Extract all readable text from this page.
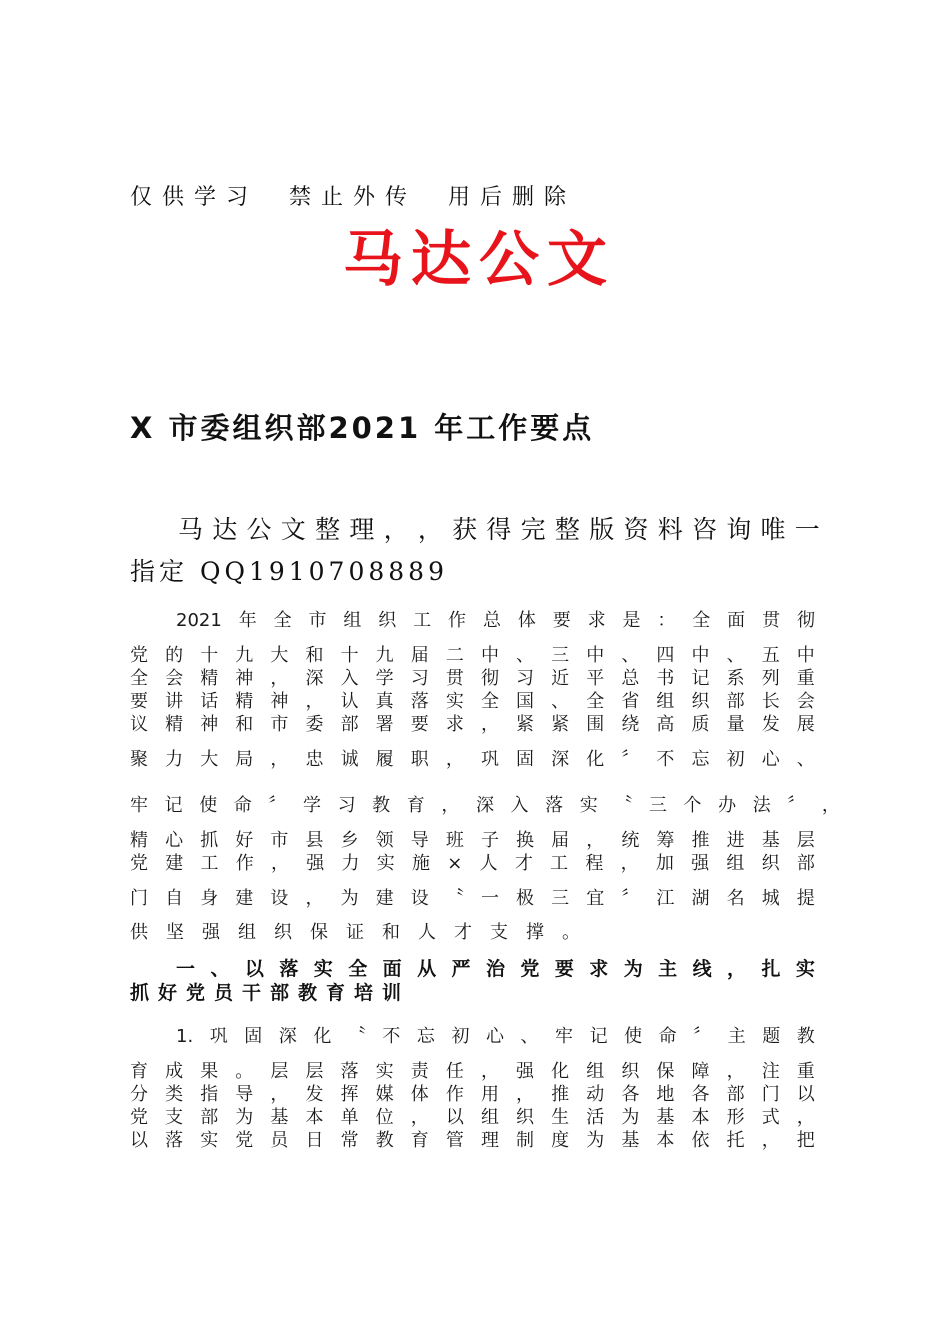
仅供学习 禁止外传 用后删除
马达公文
X 市委组织部2021 年工作要点
马 达 公 文 整 理 ， ， 获 得 完 整 版 资 料 咨 询 唯 一
指定 QQ1910708889
2021 年 全 市 组 织 工 作 总 体 要 求 是 ： 全 面 贯 彻
党 的 十 九 大 和 十 九 届 二 中 、 三 中 、 四 中 、 五 中
全 会 精 神 ， 深 入 学 习 贯 彻 习 近 平 总 书 记 系 列 重
要 讲 话 精 神 ， 认 真 落 实 全 国 、 全 省 组 织 部 长 会
议 精 神 和 市 委 部 署 要 求 ， 紧 紧 围 绕 高 质 量 发 展
聚 力 大 局 ， 忠 诚 履 职 ， 巩 固 深 化 〞 不 忘 初 心 、
牢 记 使 命 〞 学 习 教 育 ， 深 入 落 实 〝 三 个 办 法 〞 ，
精 心 抓 好 市 县 乡 领 导 班 子 换 届 ， 统 筹 推 进 基 层
党 建 工 作 ， 强 力 实 施 × 人 才 工 程 ， 加 强 组 织 部
门 自 身 建 设 ， 为 建 设 〝 一 极 三 宜 〞 江 湖 名 城 提
供坚强组织保证和人才支撑。
一 、 以 落 实 全 面 从 严 治 党 要 求 为 主 线 ， 扎 实
抓好党员干部教育培训
1. 巩 固 深 化 〝 不 忘 初 心 、 牢 记 使 命 〞 主 题 教
育 成 果 。 层 层 落 实 责 任 ， 强 化 组 织 保 障 ， 注 重
分 类 指 导 ， 发 挥 媒 体 作 用 ， 推 动 各 地 各 部 门 以
党 支 部 为 基 本 单 位 ， 以 组 织 生 活 为 基 本 形 式 ，
以 落 实 党 员 日 常 教 育 管 理 制 度 为 基 本 依 托 ， 把
